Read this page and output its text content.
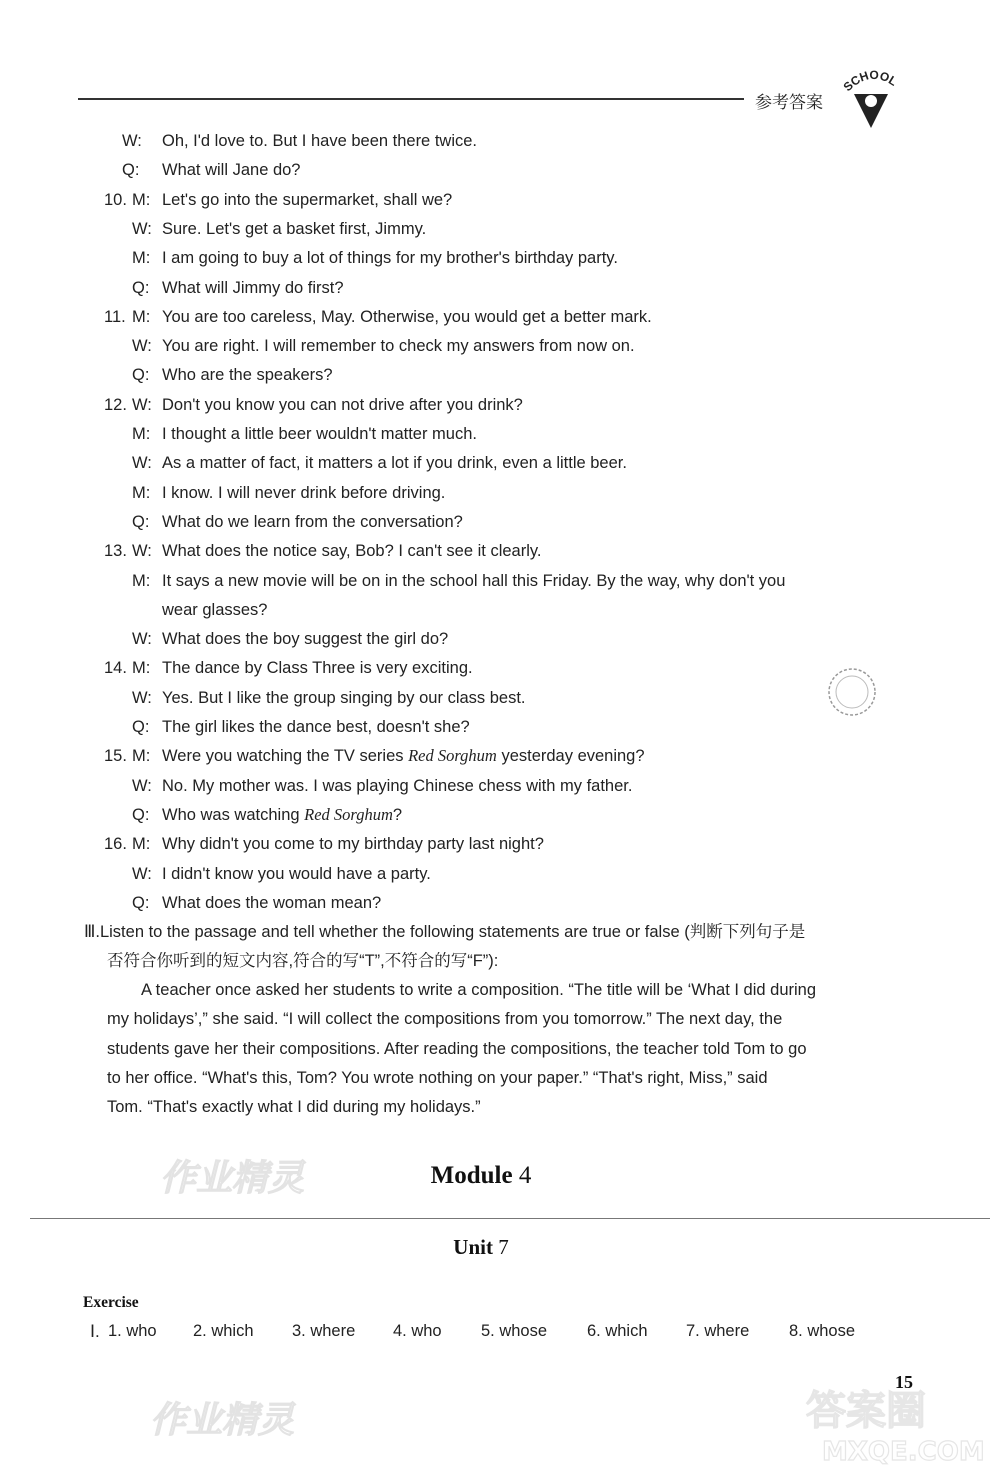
参考答案
SCHOOL
W: Oh, I'd love to. But I have been there twice.
Q: What will Jane do?
10. M: Let's go into the supermarket, shall we?
W: Sure. Let's get a basket first, Jimmy.
M: I am going to buy a lot of things for my brother's birthday party.
Q: What will Jimmy do first?
11. M: You are too careless, May. Otherwise, you would get a better mark.
W: You are right. I will remember to check my answers from now on.
Q: Who are the speakers?
12. W: Don't you know you can not drive after you drink?
M: I thought a little beer wouldn't matter much.
W: As a matter of fact, it matters a lot if you drink, even a little beer.
M: I know. I will never drink before driving.
Q: What do we learn from the conversation?
13. W: What does the notice say, Bob? I can't see it clearly.
M: It says a new movie will be on in the school hall this Friday. By the way, why don't you
wear glasses?
W: What does the boy suggest the girl do?
14. M: The dance by Class Three is very exciting.
W: Yes. But I like the group singing by our class best.
Q: The girl likes the dance best, doesn't she?
15. M: Were you watching the TV series Red Sorghum yesterday evening?
W: No. My mother was. I was playing Chinese chess with my father.
Q: Who was watching Red Sorghum?
16. M: Why didn't you come to my birthday party last night?
W: I didn't know you would have a party.
Q: What does the woman mean?
Ⅲ.Listen to the passage and tell whether the following statements are true or false (判断下列句子是
否符合你听到的短文内容,符合的写“T”,不符合的写“F”):
A teacher once asked her students to write a composition. “The title will be ‘What I did during
my holidays’,” she said. “I will collect the compositions from you tomorrow.” The next day, the
students gave her their compositions. After reading the compositions, the teacher told Tom to go
to her office. “What's this, Tom? You wrote nothing on your paper.” “That's right, Miss,” said
Tom. “That's exactly what I did during my holidays.”
作业精灵	Module 4
Unit 7
Exercise
Ⅰ. 1. who 2. which 3. where 4. who 5. whose 6. which 7. where 8. whose
15
作业精灵	答案圈
MXQE.COM
